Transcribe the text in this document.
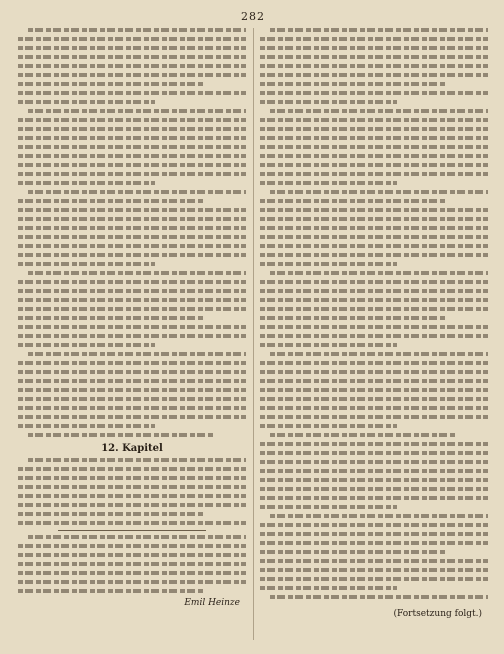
282
12. Kapitel
Emil Heinze
(Fortsetzung folgt.)
